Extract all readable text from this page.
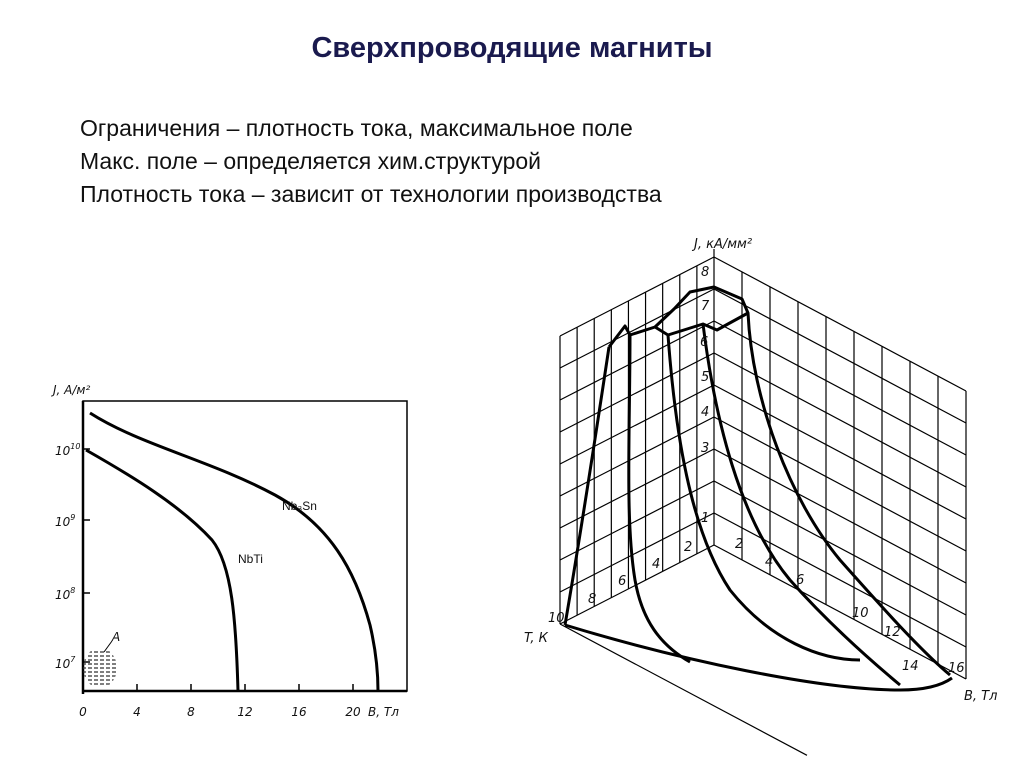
Сверхпроводящие магниты
Ограничения – плотность тока, максимальное поле
Макс. поле – определяется хим.структурой
Плотность тока – зависит от технологии производства
J, А/м²
$10^{10}$
$10^9$
$10^8$
$10^7$
0	4	8	12	16	20 B, Тл
Nb₃Sn
NbTi
A
J, кА/мм²
T, К
B, Тл
1
3
4
5
6
7
8
10
8
6
4
2	2
4
6
10
12
14 16
